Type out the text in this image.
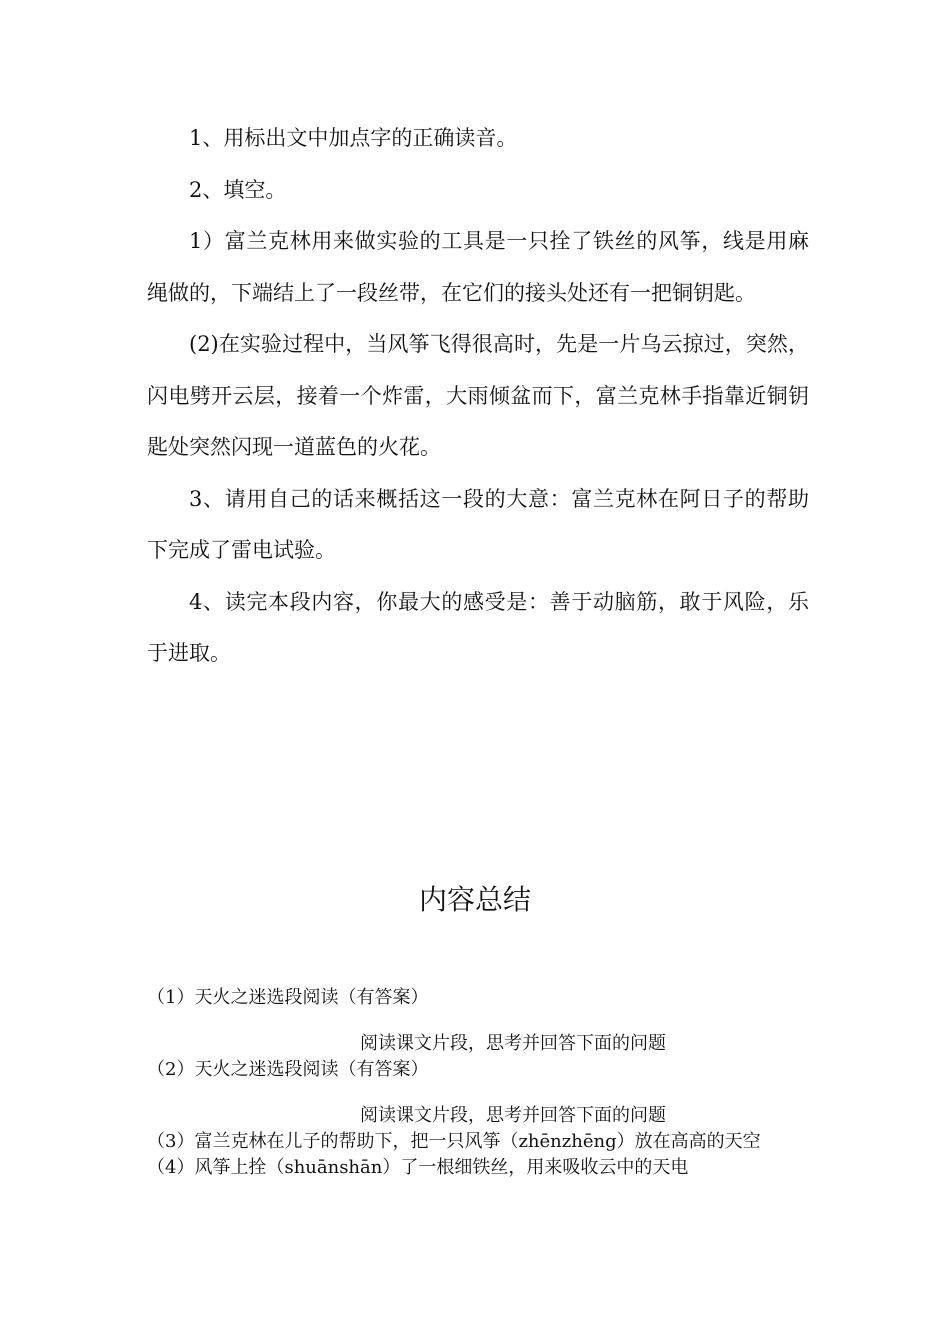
1、用标出文中加点字的正确读音。

2、填空。

1）富兰克林用来做实验的工具是一只拴了铁丝的风筝，线是用麻绳做的，下端结上了一段丝带，在它们的接头处还有一把铜钥匙。

(2)在实验过程中，当风筝飞得很高时，先是一片乌云掠过，突然，闪电劈开云层，接着一个炸雷，大雨倾盆而下，富兰克林手指靠近铜钥匙处突然闪现一道蓝色的火花。

3、请用自己的话来概括这一段的大意：富兰克林在阿日子的帮助下完成了雷电试验。

4、读完本段内容，你最大的感受是：善于动脑筋，敢于风险，乐于进取。

内容总结
（1）天火之迷选段阅读（有答案）
阅读课文片段，思考并回答下面的问题
（2）天火之迷选段阅读（有答案）
阅读课文片段，思考并回答下面的问题
（3）富兰克林在儿子的帮助下，把一只风筝（zhēnzhēng）放在高高的天空
（4）风筝上拴（shuānshān）了一根细铁丝，用来吸收云中的天电
